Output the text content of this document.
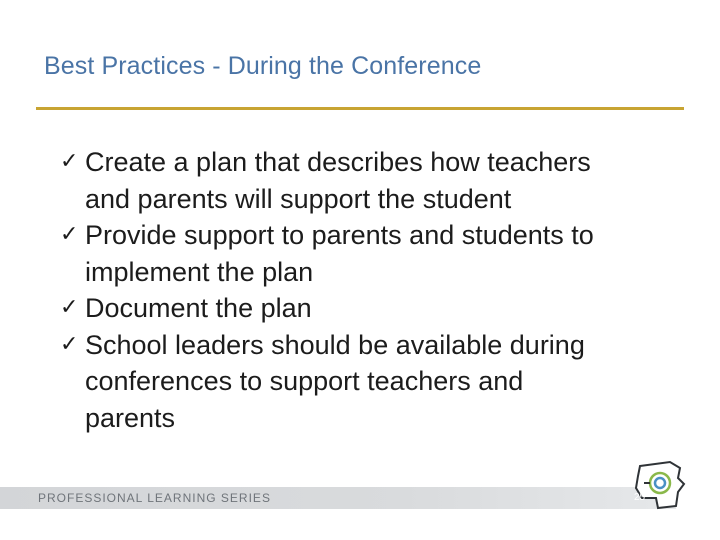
Best Practices - During the Conference
✓ Create a plan that describes how teachers
and parents will support the student
✓ Provide support to parents and students to
implement the plan
✓ Document the plan
✓ School leaders should be available during
conferences to support teachers and
parents
PROFESSIONAL LEARNING SERIES	25
